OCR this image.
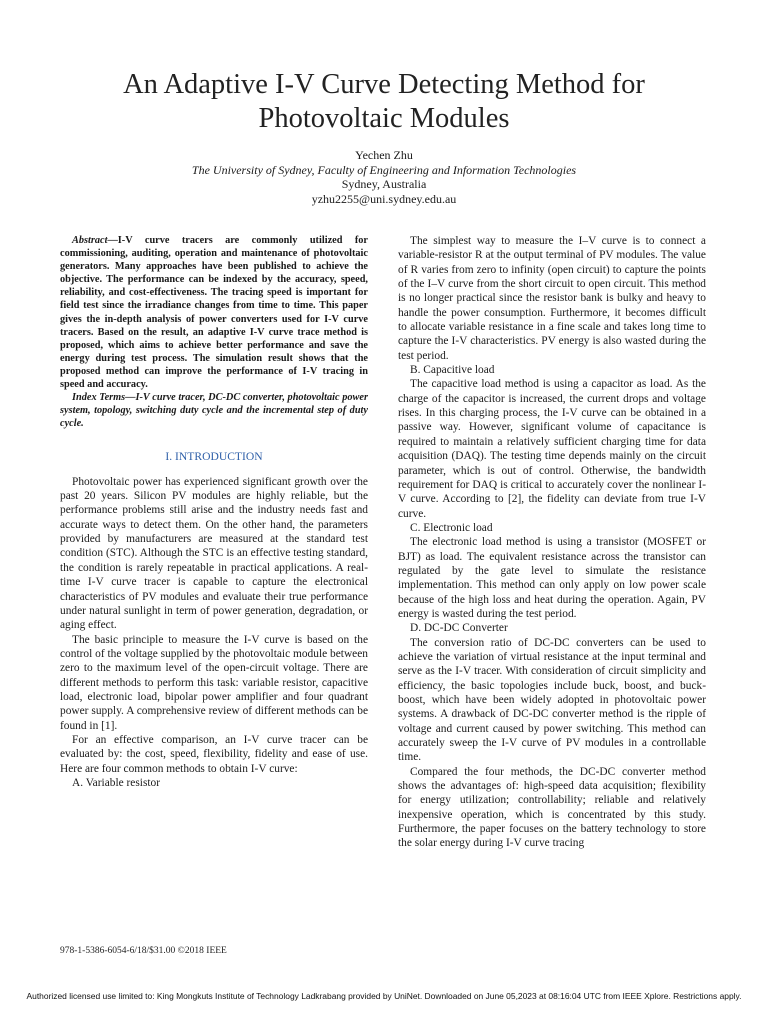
An Adaptive I-V Curve Detecting Method for Photovoltaic Modules
Yechen Zhu
The University of Sydney, Faculty of Engineering and Information Technologies
Sydney, Australia
yzhu2255@uni.sydney.edu.au

Abstract—I-V curve tracers are commonly utilized for commissioning, auditing, operation and maintenance of photovoltaic generators. Many approaches have been published to achieve the objective. The performance can be indexed by the accuracy, speed, reliability, and cost-effectiveness. The tracing speed is important for field test since the irradiance changes from time to time. This paper gives the in-depth analysis of power converters used for I-V curve tracers. Based on the result, an adaptive I-V curve trace method is proposed, which aims to achieve better performance and save the energy during test process. The simulation result shows that the proposed method can improve the performance of I-V tracing in speed and accuracy.

Index Terms—I-V curve tracer, DC-DC converter, photovoltaic power system, topology, switching duty cycle and the incremental step of duty cycle.

I. INTRODUCTION

Photovoltaic power has experienced significant growth over the past 20 years. Silicon PV modules are highly reliable, but the performance problems still arise and the industry needs fast and accurate ways to detect them. On the other hand, the parameters provided by manufacturers are measured at the standard test condition (STC). Although the STC is an effective testing standard, the condition is rarely repeatable in practical applications. A real-time I-V curve tracer is capable to capture the electronical characteristics of PV modules and evaluate their true performance under natural sunlight in term of power generation, degradation, or aging effect.

The basic principle to measure the I-V curve is based on the control of the voltage supplied by the photovoltaic module between zero to the maximum level of the open-circuit voltage. There are different methods to perform this task: variable resistor, capacitive load, electronic load, bipolar power amplifier and four quadrant power supply. A comprehensive review of different methods can be found in [1].

For an effective comparison, an I-V curve tracer can be evaluated by: the cost, speed, flexibility, fidelity and ease of use. Here are four common methods to obtain I-V curve:

A. Variable resistor

The simplest way to measure the I–V curve is to connect a variable-resistor R at the output terminal of PV modules. The value of R varies from zero to infinity (open circuit) to capture the points of the I–V curve from the short circuit to open circuit. This method is no longer practical since the resistor bank is bulky and heavy to handle the power consumption. Furthermore, it becomes difficult to allocate variable resistance in a fine scale and takes long time to capture the I-V characteristics. PV energy is also wasted during the test period.

B. Capacitive load

The capacitive load method is using a capacitor as load. As the charge of the capacitor is increased, the current drops and voltage rises. In this charging process, the I-V curve can be obtained in a passive way. However, significant volume of capacitance is required to maintain a relatively sufficient charging time for data acquisition (DAQ). The testing time depends mainly on the circuit parameter, which is out of control. Otherwise, the bandwidth requirement for DAQ is critical to accurately cover the nonlinear I-V curve. According to [2], the fidelity can deviate from true I-V curve.

C. Electronic load

The electronic load method is using a transistor (MOSFET or BJT) as load. The equivalent resistance across the transistor can regulated by the gate level to simulate the resistance implementation. This method can only apply on low power scale because of the high loss and heat during the operation. Again, PV energy is wasted during the test period.

D. DC-DC Converter

The conversion ratio of DC-DC converters can be used to achieve the variation of virtual resistance at the input terminal and serve as the I-V tracer. With consideration of circuit simplicity and efficiency, the basic topologies include buck, boost, and buck-boost, which have been widely adopted in photovoltaic power systems. A drawback of DC-DC converter method is the ripple of voltage and current caused by power switching. This method can accurately sweep the I-V curve of PV modules in a controllable time.

Compared the four methods, the DC-DC converter method shows the advantages of: high-speed data acquisition; flexibility for energy utilization; controllability; reliable and relatively inexpensive operation, which is concentrated by this study. Furthermore, the paper focuses on the battery technology to store the solar energy during I-V curve tracing

978-1-5386-6054-6/18/$31.00 ©2018 IEEE
Authorized licensed use limited to: King Mongkuts Institute of Technology Ladkrabang provided by UniNet. Downloaded on June 05,2023 at 08:16:04 UTC from IEEE Xplore. Restrictions apply.
